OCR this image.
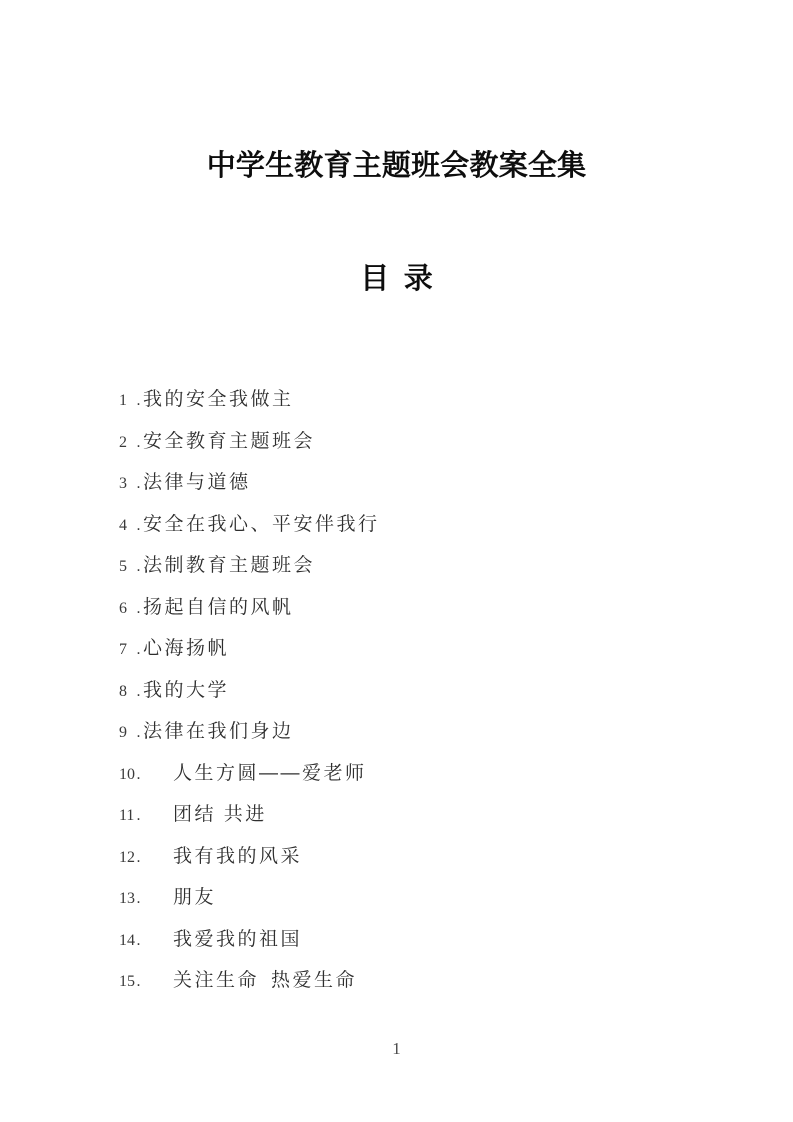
中学生教育主题班会教案全集
目 录
1 . 我的安全我做主
2 . 安全教育主题班会
3 . 法律与道德
4 . 安全在我心、平安伴我行
5 . 法制教育主题班会
6 . 扬起自信的风帆
7 . 心海扬帆
8 . 我的大学
9 . 法律在我们身边
10. 人生方圆——爱老师
11 . 团结 共进
12. 我有我的风采
13. 朋友
14. 我爱我的祖国
15. 关注生命 热爱生命
1
